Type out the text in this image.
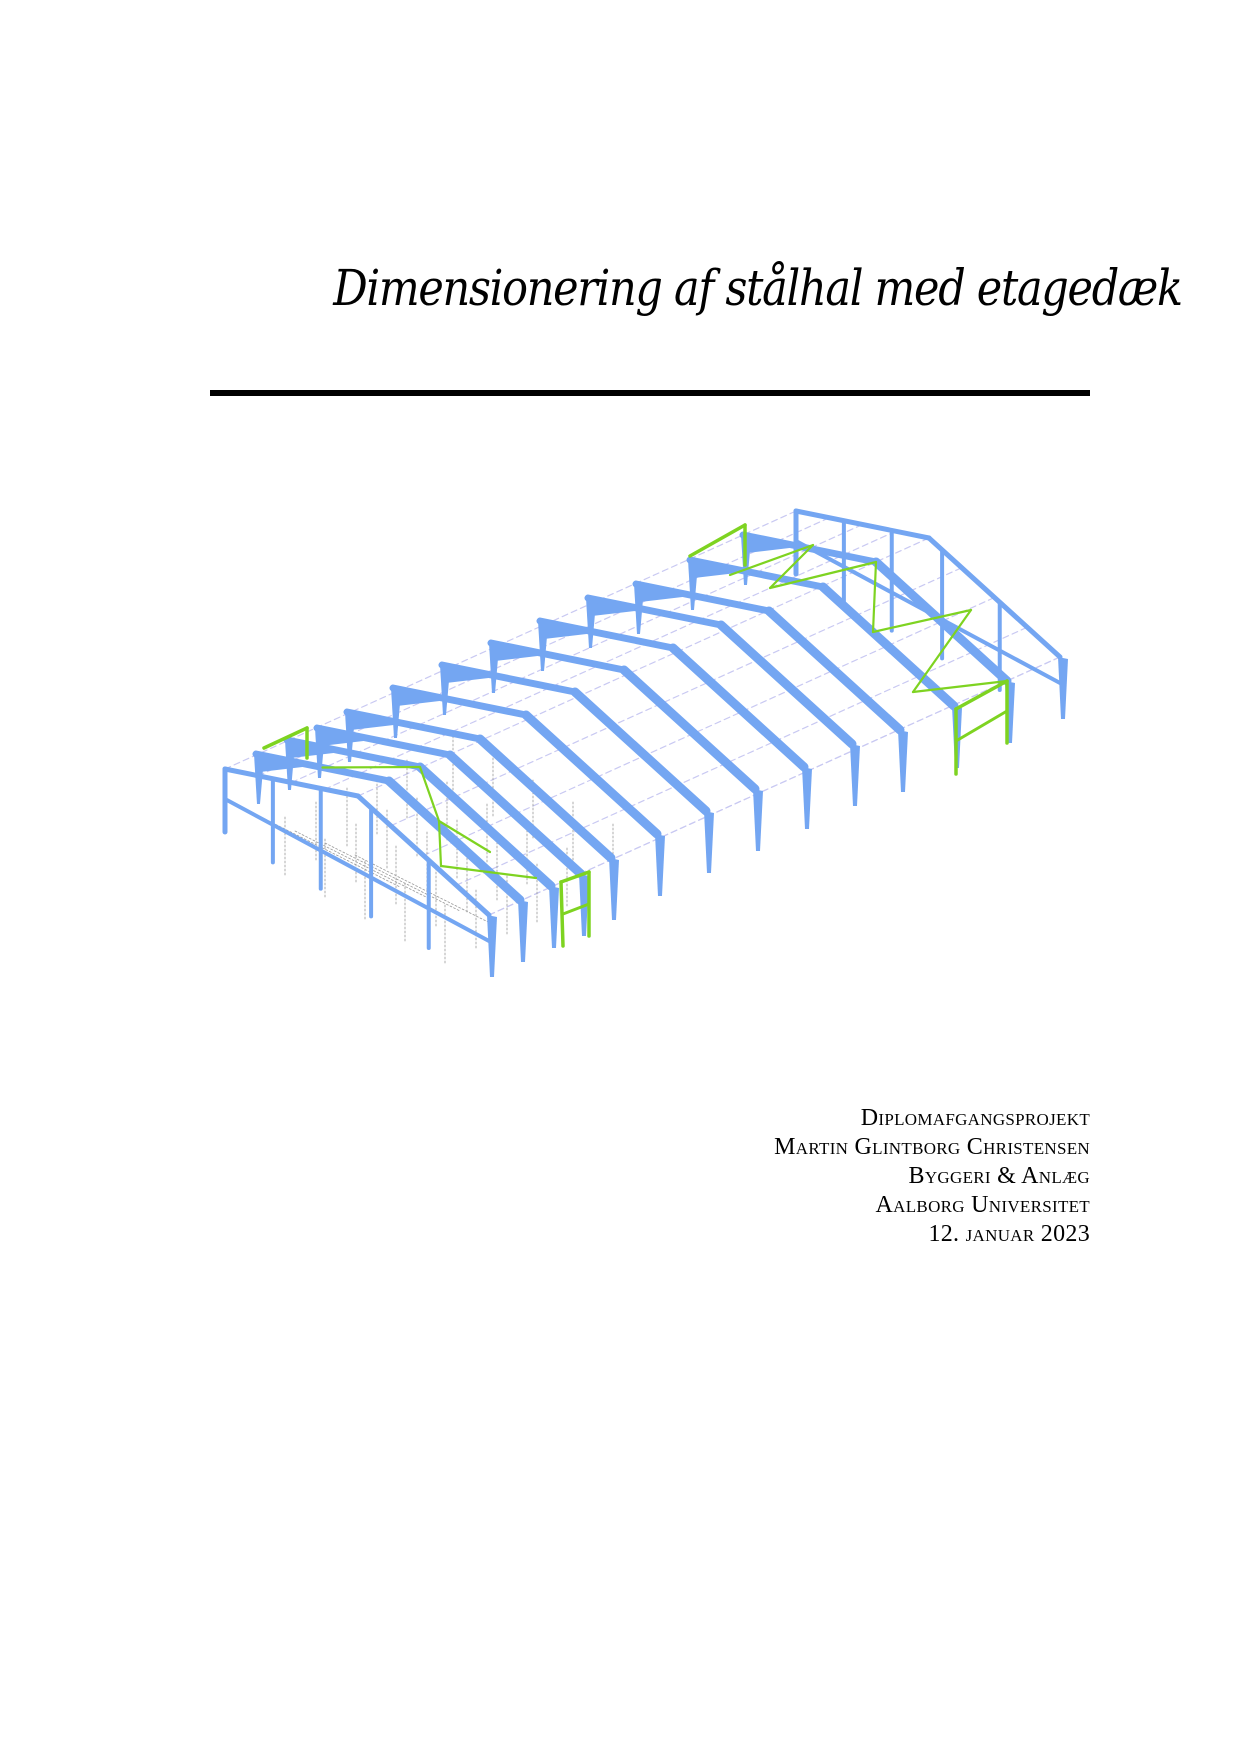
Dimensionering af stålhal med etagedæk
Diplomafgangsprojekt
Martin Glintborg Christensen
Byggeri & Anlæg
Aalborg Universitet
12. januar 2023
